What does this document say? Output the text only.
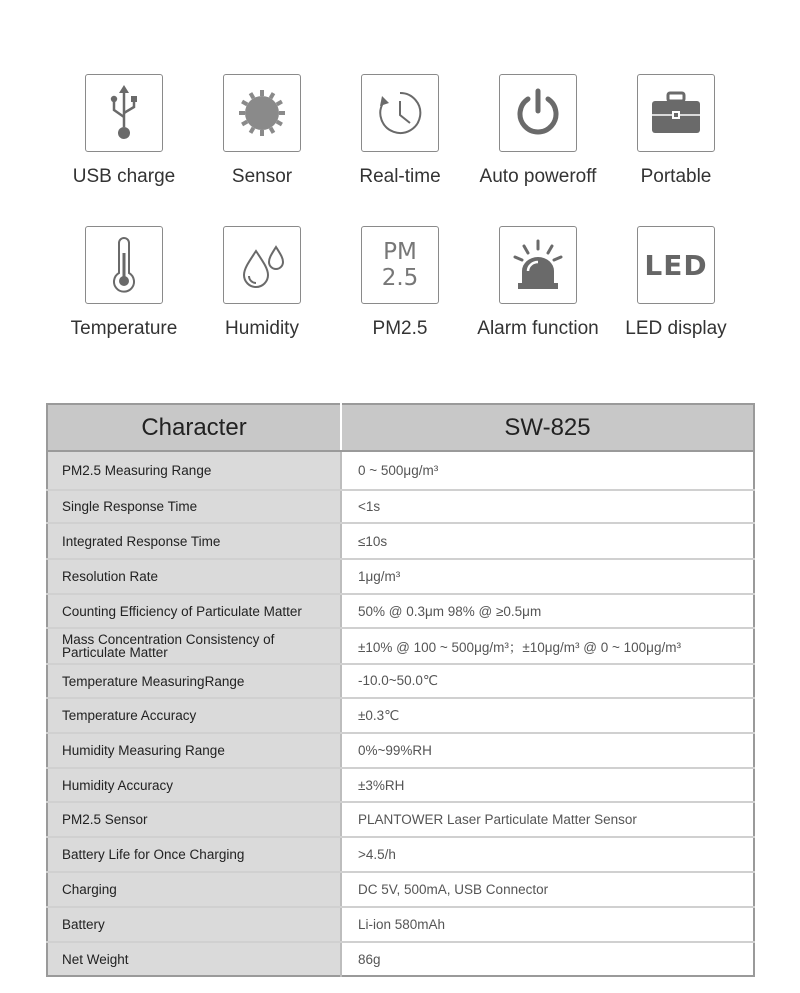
USB charge	Sensor	Real-time	Auto poweroff	Portable
Temperature	Humidity
PM
2.5
PM2.5	Alarm function
LED
LED display
Character	SW-825
PM2.5 Measuring Range	0 ~ 500μg/m³
Single Response Time	<1s
Integrated Response Time	≤10s
Resolution Rate	1μg/m³
Counting Efficiency of Particulate Matter	50% @ 0.3μm 98% @ ≥0.5μm
Mass Concentration Consistency of Particulate Matter	±10% @ 100 ~ 500μg/m³；±10μg/m³ @ 0 ~ 100μg/m³
Temperature MeasuringRange	-10.0~50.0℃
Temperature Accuracy	±0.3℃
Humidity Measuring Range	0%~99%RH
Humidity Accuracy	±3%RH
PM2.5 Sensor	PLANTOWER Laser Particulate Matter Sensor
Battery Life for Once Charging	>4.5/h
Charging	DC 5V, 500mA, USB Connector
Battery	Li-ion 580mAh
Net Weight	86g
